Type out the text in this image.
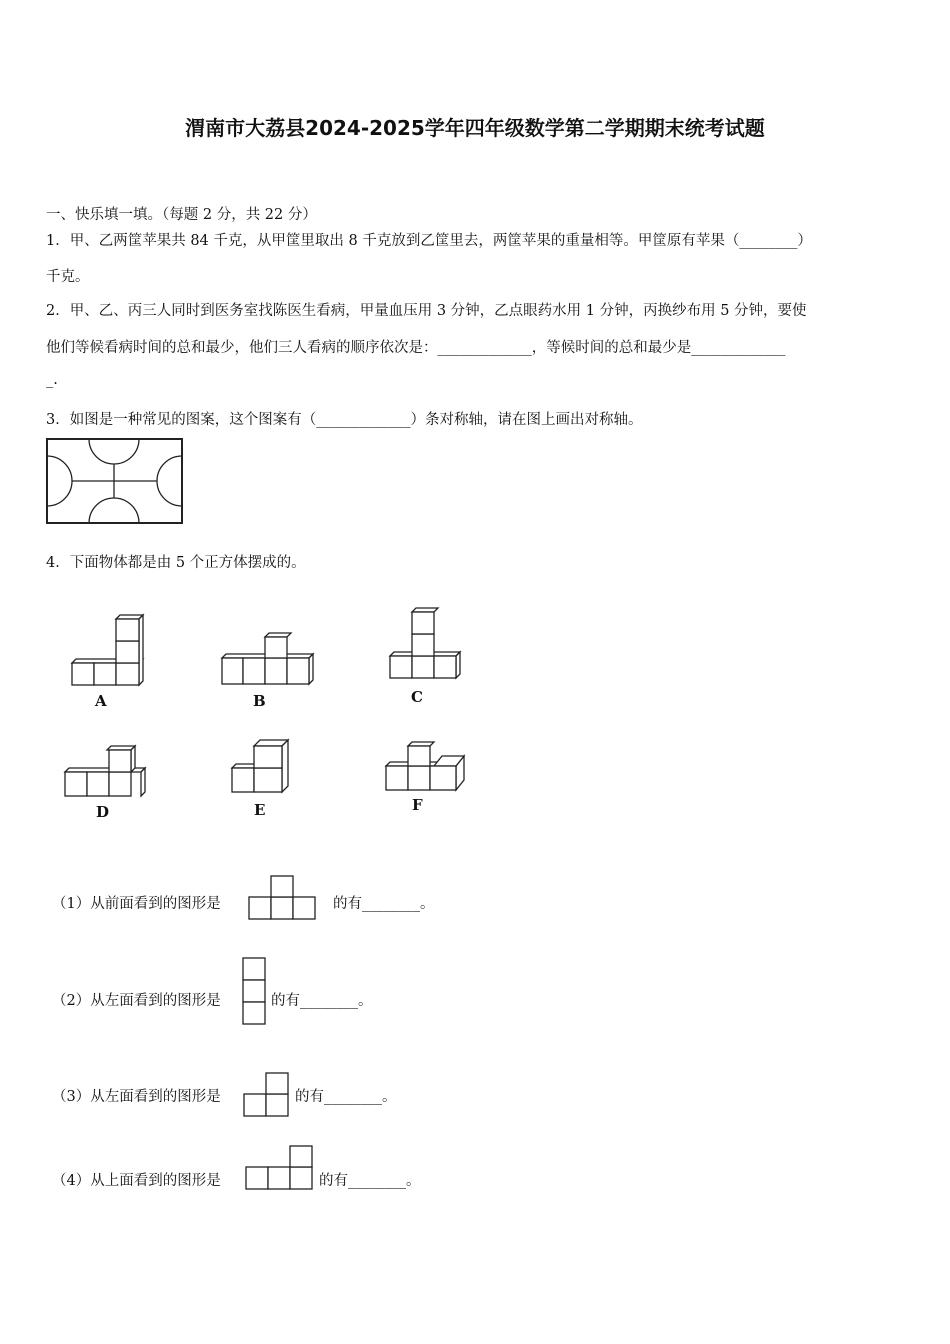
渭南市大荔县2024-2025学年四年级数学第二学期期末统考试题
一、快乐填一填。（每题 2 分，共 22 分）
1．甲、乙两筐苹果共 84 千克，从甲筐里取出 8 千克放到乙筐里去，两筐苹果的重量相等。甲筐原有苹果（________）
千克。
2．甲、乙、丙三人同时到医务室找陈医生看病，甲量血压用 3 分钟，乙点眼药水用 1 分钟，丙换纱布用 5 分钟，要使
他们等候看病时间的总和最少，他们三人看病的顺序依次是：_____________，等候时间的总和最少是_____________
_.
3．如图是一种常见的图案，这个图案有（_____________）条对称轴，请在图上画出对称轴。
4．下面物体都是由 5 个正方体摆成的。
A	B	C
D	E	F
（1）从前面看到的图形是	的有________。
（2）从左面看到的图形是	的有________。
（3）从左面看到的图形是	的有________。
（4）从上面看到的图形是	的有________。
